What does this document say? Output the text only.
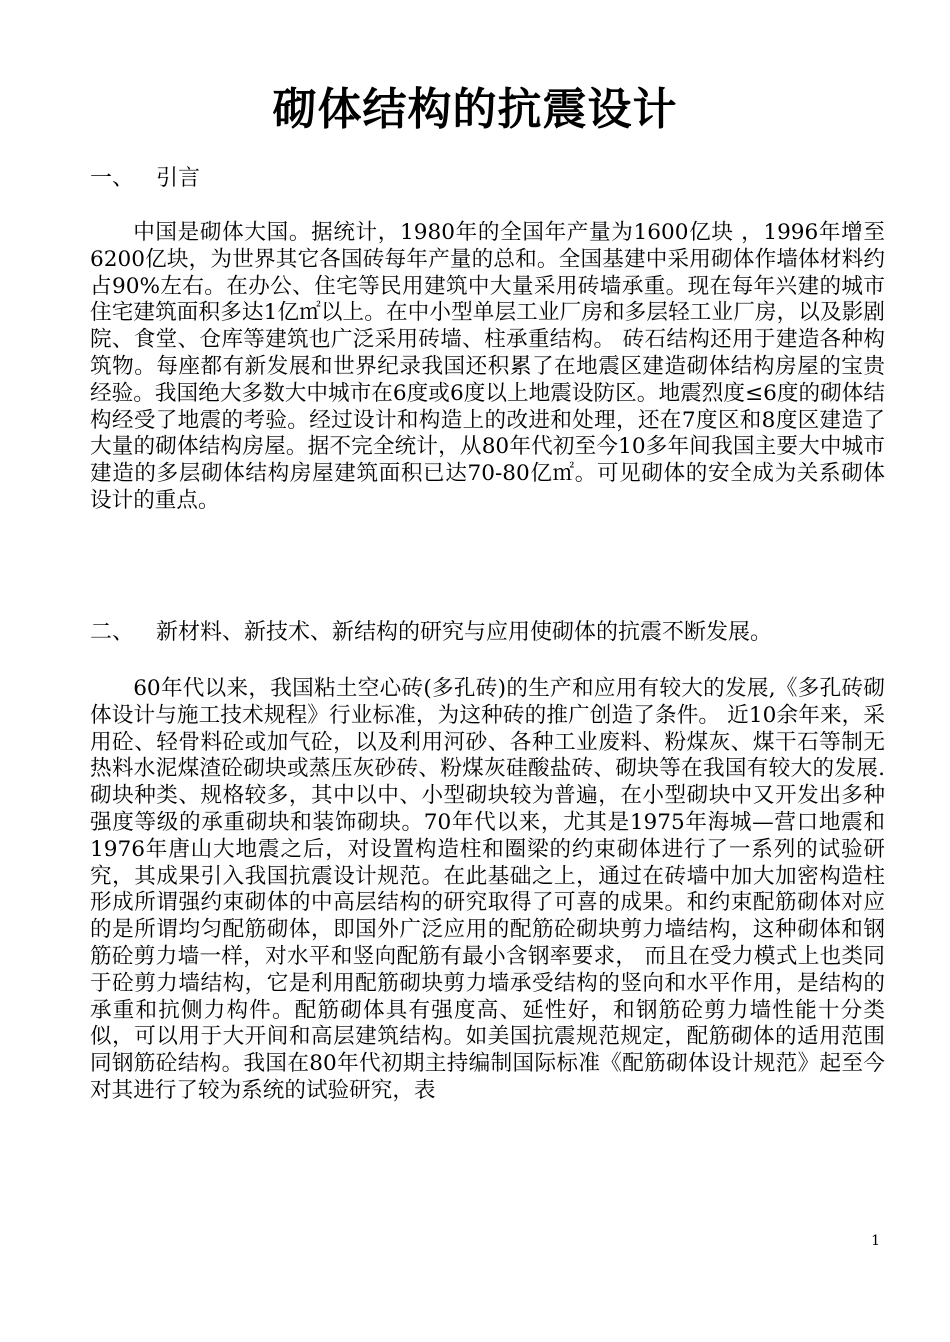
砌体结构的抗震设计
一、 引言

中国是砌体大国。据统计，1980年的全国年产量为1600亿块 ，1996年增至6200亿块，为世界其它各国砖每年产量的总和。全国基建中采用砌体作墙体材料约占90%左右。在办公、住宅等民用建筑中大量采用砖墙承重。现在每年兴建的城市住宅建筑面积多达1亿㎡以上。在中小型单层工业厂房和多层轻工业厂房，以及影剧院、食堂、仓库等建筑也广泛采用砖墙、柱承重结构。 砖石结构还用于建造各种构筑物。每座都有新发展和世界纪录我国还积累了在地震区建造砌体结构房屋的宝贵经验。我国绝大多数大中城市在6度或6度以上地震设防区。地震烈度≤6度的砌体结构经受了地震的考验。经过设计和构造上的改进和处理，还在7度区和8度区建造了大量的砌体结构房屋。据不完全统计，从80年代初至今10多年间我国主要大中城市建造的多层砌体结构房屋建筑面积已达70-80亿㎡。可见砌体的安全成为关系砌体设计的重点。

二、 新材料、新技术、新结构的研究与应用使砌体的抗震不断发展。

60年代以来，我国粘土空心砖(多孔砖)的生产和应用有较大的发展,《多孔砖砌体设计与施工技术规程》行业标准，为这种砖的推广创造了条件。 近10余年来，采用砼、轻骨料砼或加气砼，以及利用河砂、各种工业废料、粉煤灰、煤干石等制无热料水泥煤渣砼砌块或蒸压灰砂砖、粉煤灰硅酸盐砖、砌块等在我国有较大的发展.砌块种类、规格较多，其中以中、小型砌块较为普遍，在小型砌块中又开发出多种强度等级的承重砌块和装饰砌块。70年代以来，尤其是1975年海城—营口地震和1976年唐山大地震之后，对设置构造柱和圈梁的约束砌体进行了一系列的试验研究，其成果引入我国抗震设计规范。在此基础之上，通过在砖墙中加大加密构造柱形成所谓强约束砌体的中高层结构的研究取得了可喜的成果。和约束配筋砌体对应的是所谓均匀配筋砌体，即国外广泛应用的配筋砼砌块剪力墙结构，这种砌体和钢筋砼剪力墙一样，对水平和竖向配筋有最小含钢率要求， 而且在受力模式上也类同于砼剪力墙结构，它是利用配筋砌块剪力墙承受结构的竖向和水平作用，是结构的承重和抗侧力构件。配筋砌体具有强度高、延性好，和钢筋砼剪力墙性能十分类似，可以用于大开间和高层建筑结构。如美国抗震规范规定，配筋砌体的适用范围同钢筋砼结构。我国在80年代初期主持编制国际标准《配筋砌体设计规范》起至今对其进行了较为系统的试验研究，表

1
